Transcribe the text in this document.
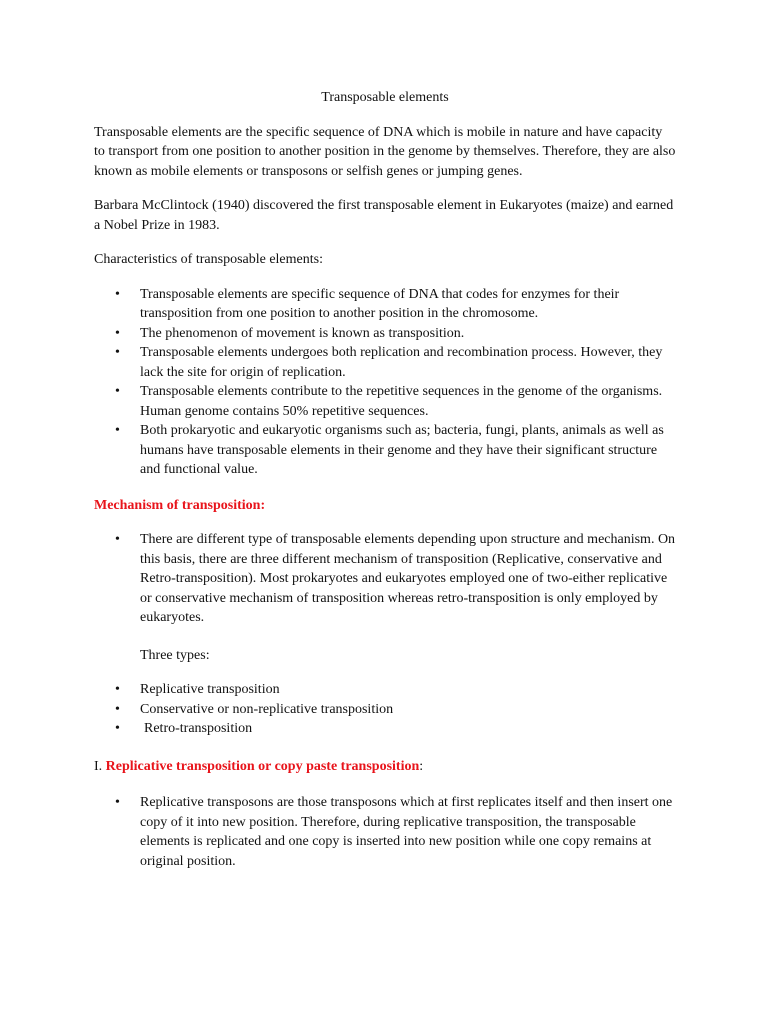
Transposable elements

Transposable elements are the specific sequence of DNA which is mobile in nature and have capacity to transport from one position to another position in the genome by themselves. Therefore, they are also known as mobile elements or transposons or selfish genes or jumping genes.

Barbara McClintock (1940) discovered the first transposable element in Eukaryotes (maize) and earned a Nobel Prize in 1983.

Characteristics of transposable elements:

• Transposable elements are specific sequence of DNA that codes for enzymes for their transposition from one position to another position in the chromosome.
• The phenomenon of movement is known as transposition.
• Transposable elements undergoes both replication and recombination process. However, they lack the site for origin of replication.
• Transposable elements contribute to the repetitive sequences in the genome of the organisms. Human genome contains 50% repetitive sequences.
• Both prokaryotic and eukaryotic organisms such as; bacteria, fungi, plants, animals as well as humans have transposable elements in their genome and they have their significant structure and functional value.
Mechanism of transposition:
• There are different type of transposable elements depending upon structure and mechanism. On this basis, there are three different mechanism of transposition (Replicative, conservative and Retro-transposition). Most prokaryotes and eukaryotes employed one of two-either replicative or conservative mechanism of transposition whereas retro-transposition is only employed by eukaryotes.
Three types:
• Replicative transposition
• Conservative or non-replicative transposition
• Retro-transposition
I. Replicative transposition or copy paste transposition:
• Replicative transposons are those transposons which at first replicates itself and then insert one copy of it into new position. Therefore, during replicative transposition, the transposable elements is replicated and one copy is inserted into new position while one copy remains at original position.
